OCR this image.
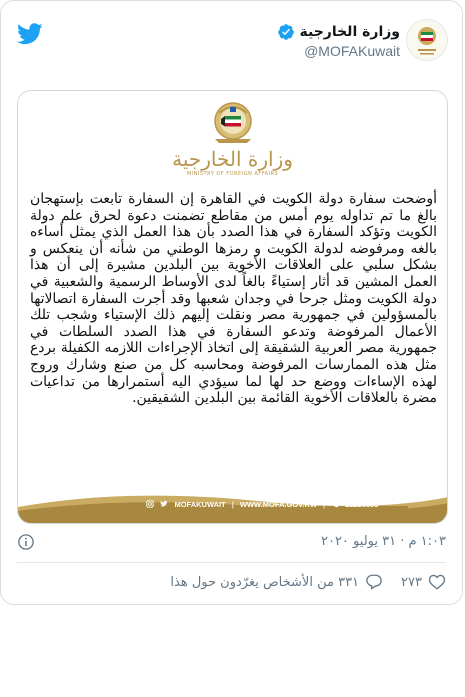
وزارة الخارجية
@MOFAKuwait
وزارة الخارجية
MINISTRY OF FOREIGN AFFAIRS
أوضحت سفارة دولة الكويت في القاهرة إن السفارة تابعت بإستهجان بالغ ما تم تداوله يوم أمس من مقاطع تضمنت دعوة لحرق علم دولة الكويت وتؤكد السفارة في هذا الصدد بأن هذا العمل الذي يمثل أساءه بالغه ومرفوضه لدولة الكويت و رمزها الوطني من شأنه أن ينعكس و بشكل سلبي على العلاقات الأخوية بين البلدين مشيرة إلى أن هذا العمل المشين قد أثار إستياءً بالغاً لدى الأوساط الرسمية والشعبية في دولة الكويت ومثل جرحا في وجدان شعبها وقد أجرت السفارة اتصالاتها بالمسؤولين في جمهورية مصر ونقلت إليهم ذلك الإستياء وشجب تلك الأعمال المرفوضة وتدعو السفارة في هذا الصدد السلطات في جمهورية مصر العربية الشقيقة إلى اتخاذ الإجراءات اللازمه الكفيلة بردع مثل هذه الممارسات المرفوضة ومحاسبه كل من صنع وشارك وروج لهذه الإساءات ووضع حد لها لما سيؤدي اليه أستمرارها من تداعيات مضرة بالعلاقات الأخوية القائمة بين البلدين الشقيقين.
MOFAKUWAIT | WWW.MOFA.GOV.KW |	22225555
١:٠٣ م · ٣١ يوليو ٢٠٢٠
٢٧٣
٣٣١ من الأشخاص يغرّدون حول هذا
